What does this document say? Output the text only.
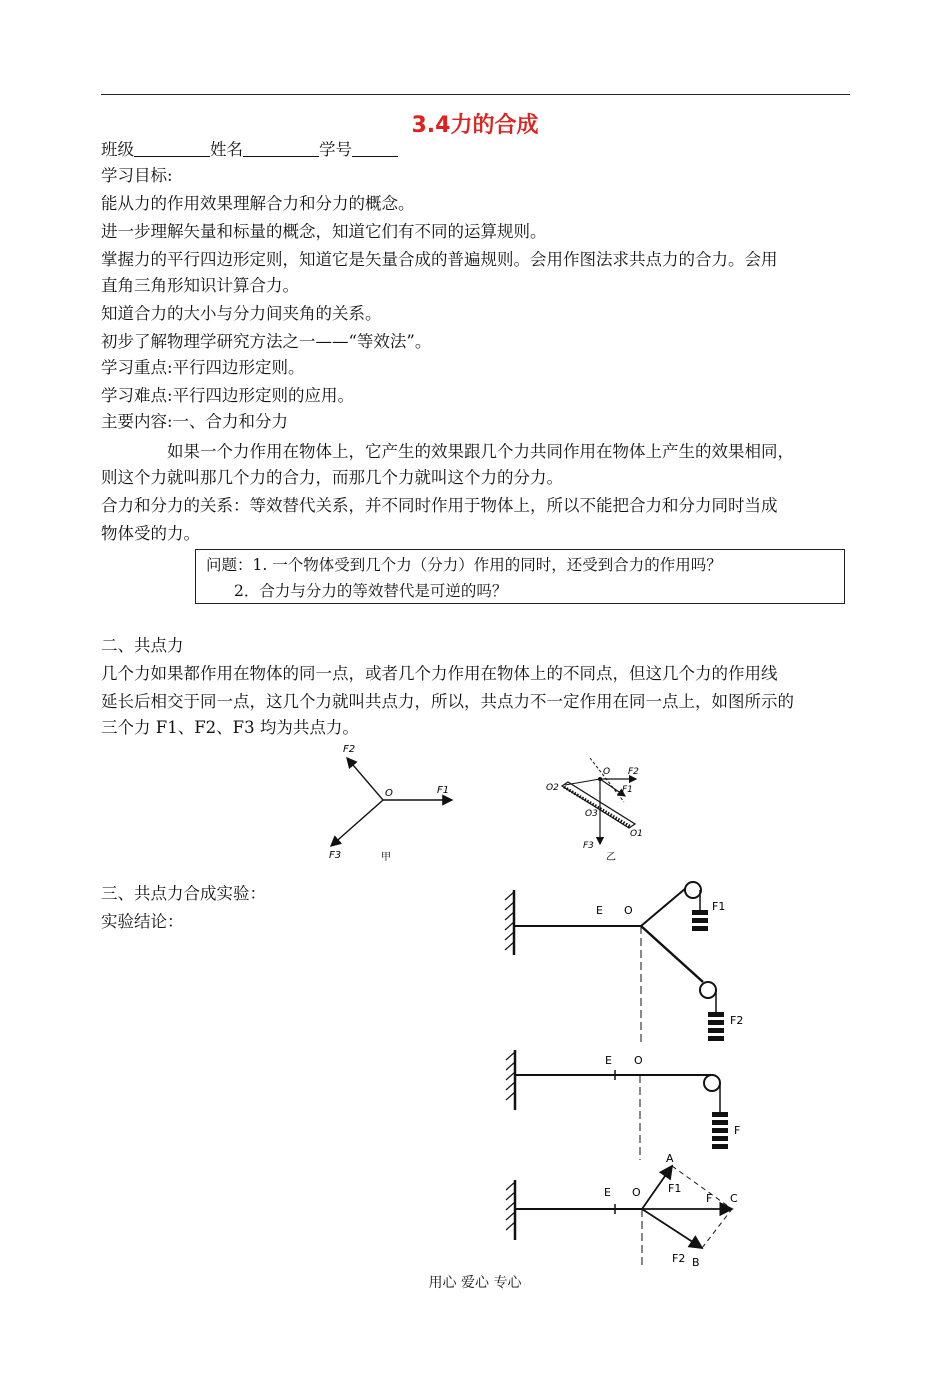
3.4力的合成
班级	姓名	学号
学习目标:
能从力的作用效果理解合力和分力的概念。
进一步理解矢量和标量的概念，知道它们有不同的运算规则。
掌握力的平行四边形定则，知道它是矢量合成的普遍规则。会用作图法求共点力的合力。会用
直角三角形知识计算合力。
知道合力的大小与分力间夹角的关系。
初步了解物理学研究方法之一——“等效法”。
学习重点:平行四边形定则。
学习难点:平行四边形定则的应用。
主要内容:一、合力和分力
如果一个力作用在物体上，它产生的效果跟几个力共同作用在物体上产生的效果相同，
则这个力就叫那几个力的合力，而那几个力就叫这个力的分力。
合力和分力的关系：等效替代关系，并不同时作用于物体上，所以不能把合力和分力同时当成
物体受的力。
问题：1. 一个物体受到几个力（分力）作用的同时，还受到合力的作用吗？
2．合力与分力的等效替代是可逆的吗？
二、共点力
几个力如果都作用在物体的同一点，或者几个力作用在物体上的不同点，但这几个力的作用线
延长后相交于同一点，这几个力就叫共点力，所以，共点力不一定作用在同一点上，如图所示的
三个力 F1、F2、F3 均为共点力。
O	F1
F2
F3	甲
O F2
F1
O2
O3
O1
F3
乙
三、共点力合成实验：
实验结论：
E O	F1
F2
E O
F
E O
A
F1
F C
F2 B
用心 爱心 专心
